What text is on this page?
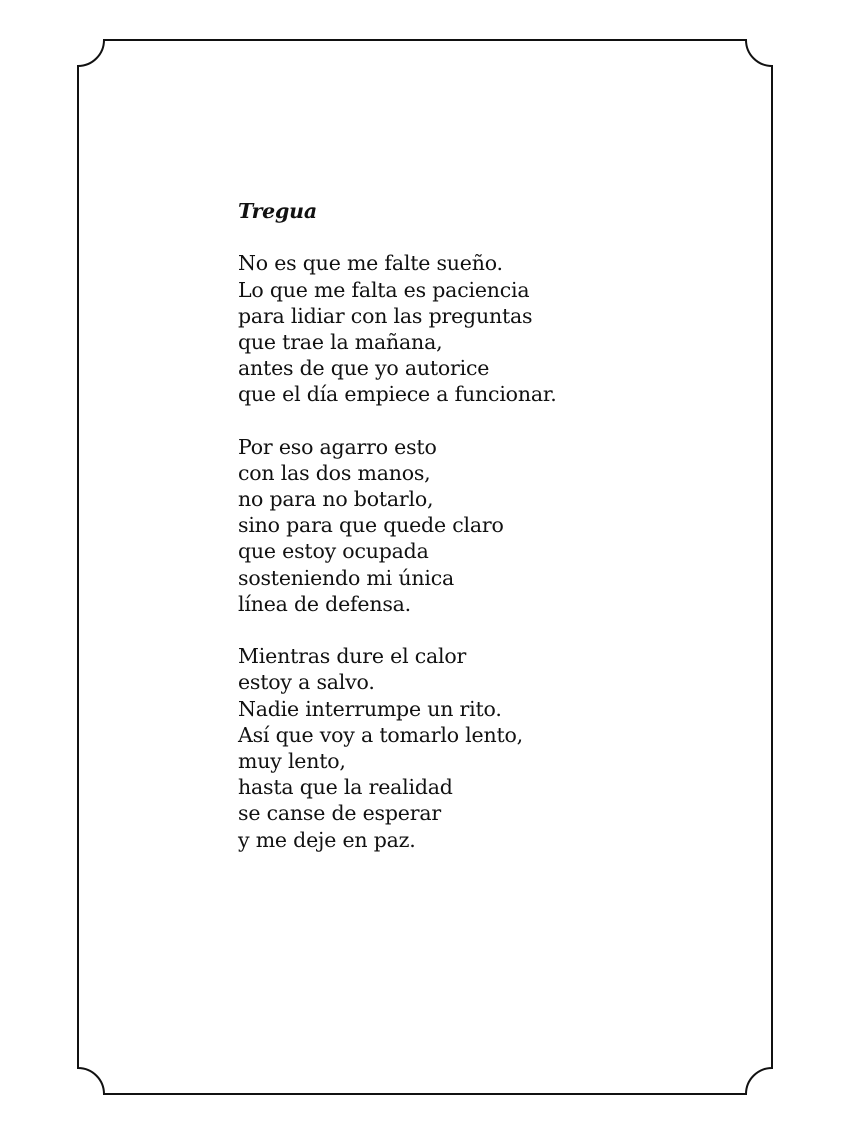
Tregua
No es que me falte sueño.
Lo que me falta es paciencia
para lidiar con las preguntas
que trae la mañana,
antes de que yo autorice
que el día empiece a funcionar.
Por eso agarro esto
con las dos manos,
no para no botarlo,
sino para que quede claro
que estoy ocupada
sosteniendo mi única
línea de defensa.
Mientras dure el calor
estoy a salvo.
Nadie interrumpe un rito.
Así que voy a tomarlo lento,
muy lento,
hasta que la realidad
se canse de esperar
y me deje en paz.
